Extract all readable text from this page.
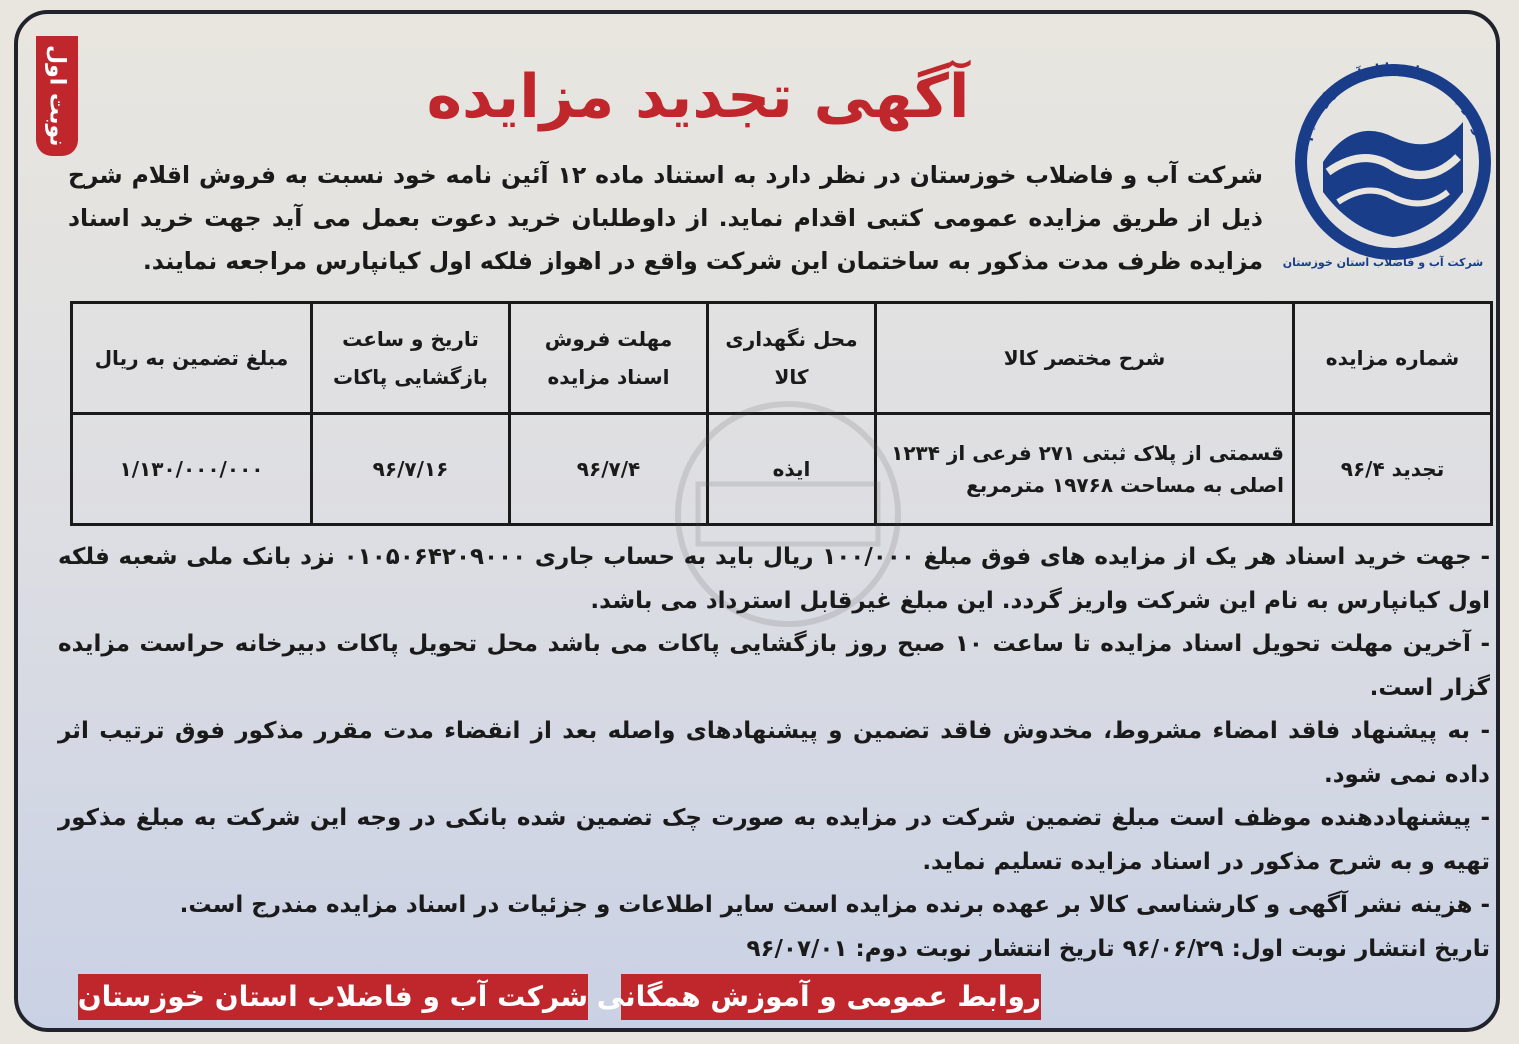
نوبت اول	از هر چه زنده ای را از آب قرار دادیم
شرکت آب و فاضلاب استان خوزستان
آگهی تجدید مزایده
شرکت آب و فاضلاب خوزستان در نظر دارد به استناد ماده ۱۲ آئین نامه خود نسبت به فروش اقلام شرح ذیل از طریق مزایده عمومی کتبی اقدام نماید. از داوطلبان خرید دعوت بعمل می آید جهت خرید اسناد مزایده ظرف مدت مذکور به ساختمان این شرکت واقع در اهواز فلکه اول کیانپارس مراجعه نمایند.
شماره مزایده	شرح مختصر کالا	محل نگهداری کالا	مهلت فروش اسناد مزایده	تاریخ و ساعت بازگشایی پاکات	مبلغ تضمین به ریال
تجدید ۹۶/۴	قسمتی از پلاک ثبتی ۲۷۱ فرعی از ۱۲۳۴ اصلی به مساحت ۱۹۷۶۸ مترمربع	ایذه	۹۶/۷/۴	۹۶/۷/۱۶	۱/۱۳۰/۰۰۰/۰۰۰

- جهت خرید اسناد هر یک از مزایده های فوق مبلغ ۱۰۰/۰۰۰ ریال باید به حساب جاری ۰۱۰۵۰۶۴۲۰۹۰۰۰ نزد بانک ملی شعبه فلکه اول کیانپارس به نام این شرکت واریز گردد. این مبلغ غیرقابل استرداد می باشد.

- آخرین مهلت تحویل اسناد مزایده تا ساعت ۱۰ صبح روز بازگشایی پاکات می باشد محل تحویل پاکات دبیرخانه حراست مزایده گزار است.

- به پیشنهاد فاقد امضاء مشروط، مخدوش فاقد تضمین و پیشنهادهای واصله بعد از انقضاء مدت مقرر مذکور فوق ترتیب اثر داده نمی شود.

- پیشنهاددهنده موظف است مبلغ تضمین شرکت در مزایده به صورت چک تضمین شده بانکی در وجه این شرکت به مبلغ مذکور تهیه و به شرح مذکور در اسناد مزایده تسلیم نماید.

- هزینه نشر آگهی و کارشناسی کالا بر عهده برنده مزایده است سایر اطلاعات و جزئیات در اسناد مزایده مندرج است.

تاریخ انتشار نوبت اول: ۹۶/۰۶/۲۹ تاریخ انتشار نوبت دوم: ۹۶/۰۷/۰۱

شرکت آب و فاضلاب استان خوزستان روابط عمومی و آموزش همگانی
